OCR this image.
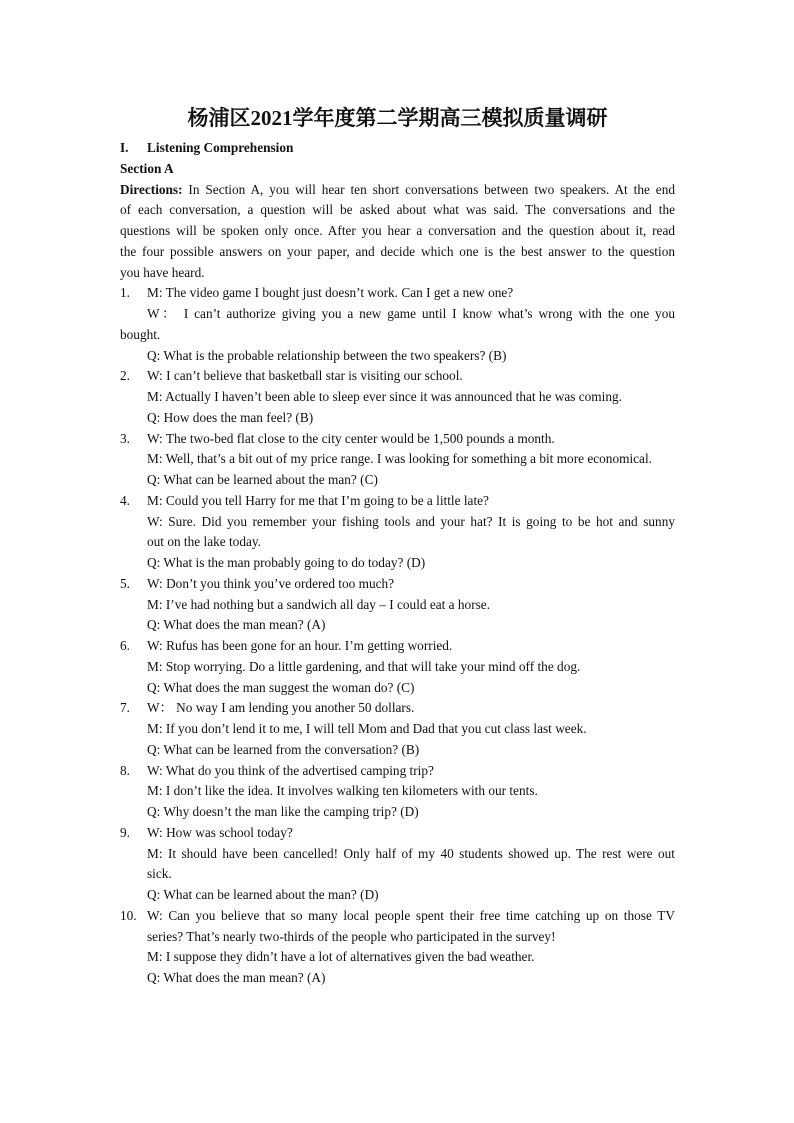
杨浦区2021学年度第二学期高三模拟质量调研
I. Listening Comprehension
Section A
Directions: In Section A, you will hear ten short conversations between two speakers. At the end
of each conversation, a question will be asked about what was said. The conversations and the
questions will be spoken only once. After you hear a conversation and the question about it, read
the four possible answers on your paper, and decide which one is the best answer to the question
you have heard.
1. M: The video game I bought just doesn’t work. Can I get a new one?
W： I can’t authorize giving you a new game until I know what’s wrong with the one you
bought.
Q: What is the probable relationship between the two speakers? (B)
2. W: I can’t believe that basketball star is visiting our school.
M: Actually I haven’t been able to sleep ever since it was announced that he was coming.
Q: How does the man feel? (B)
3. W: The two-bed flat close to the city center would be 1,500 pounds a month.
M: Well, that’s a bit out of my price range. I was looking for something a bit more economical.
Q: What can be learned about the man? (C)
4. M: Could you tell Harry for me that I’m going to be a little late?
W: Sure. Did you remember your fishing tools and your hat? It is going to be hot and sunny
out on the lake today.
Q: What is the man probably going to do today? (D)
5. W: Don’t you think you’ve ordered too much?
M: I’ve had nothing but a sandwich all day – I could eat a horse.
Q: What does the man mean? (A)
6. W: Rufus has been gone for an hour. I’m getting worried.
M: Stop worrying. Do a little gardening, and that will take your mind off the dog.
Q: What does the man suggest the woman do? (C)
7. W： No way I am lending you another 50 dollars.
M: If you don’t lend it to me, I will tell Mom and Dad that you cut class last week.
Q: What can be learned from the conversation? (B)
8. W: What do you think of the advertised camping trip?
M: I don’t like the idea. It involves walking ten kilometers with our tents.
Q: Why doesn’t the man like the camping trip? (D)
9. W: How was school today?
M: It should have been cancelled! Only half of my 40 students showed up. The rest were out
sick.
Q: What can be learned about the man? (D)
10. W: Can you believe that so many local people spent their free time catching up on those TV
series? That’s nearly two-thirds of the people who participated in the survey!
M: I suppose they didn’t have a lot of alternatives given the bad weather.
Q: What does the man mean? (A)
